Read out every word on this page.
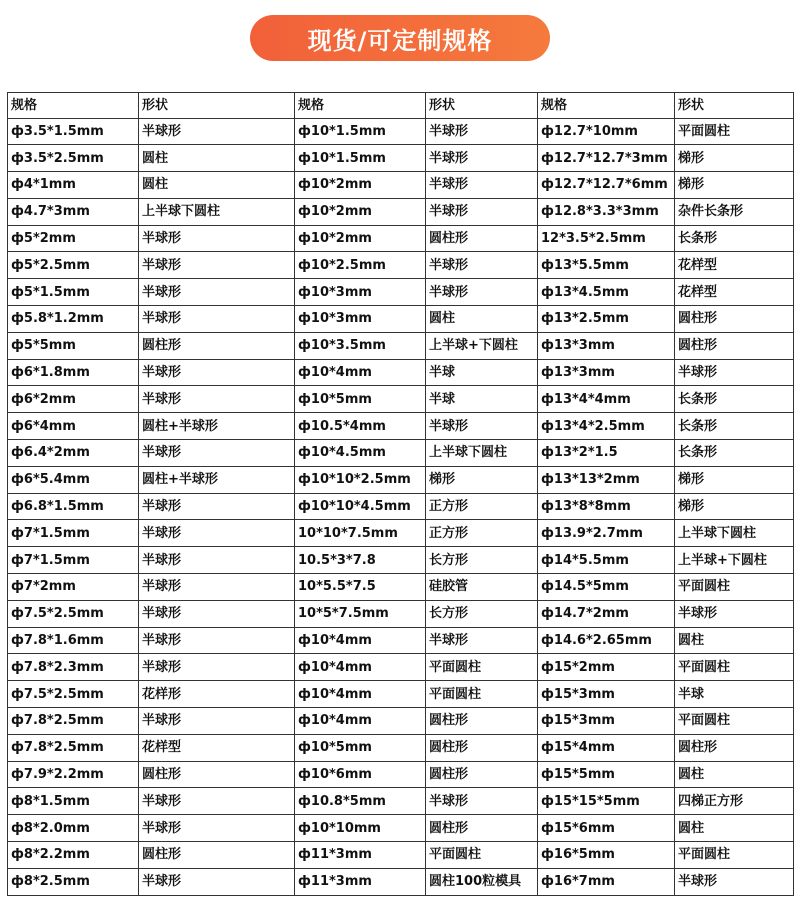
现货/可定制规格
规格	形状	规格	形状	规格	形状
ф3.5*1.5mm	半球形	ф10*1.5mm	半球形	ф12.7*10mm	平面圆柱
ф3.5*2.5mm	圆柱	ф10*1.5mm	半球形	ф12.7*12.7*3mm	梯形
ф4*1mm	圆柱	ф10*2mm	半球形	ф12.7*12.7*6mm	梯形
ф4.7*3mm	上半球下圆柱	ф10*2mm	半球形	ф12.8*3.3*3mm	杂件长条形
ф5*2mm	半球形	ф10*2mm	圆柱形	12*3.5*2.5mm	长条形
ф5*2.5mm	半球形	ф10*2.5mm	半球形	ф13*5.5mm	花样型
ф5*1.5mm	半球形	ф10*3mm	半球形	ф13*4.5mm	花样型
ф5.8*1.2mm	半球形	ф10*3mm	圆柱	ф13*2.5mm	圆柱形
ф5*5mm	圆柱形	ф10*3.5mm	上半球+下圆柱	ф13*3mm	圆柱形
ф6*1.8mm	半球形	ф10*4mm	半球	ф13*3mm	半球形
ф6*2mm	半球形	ф10*5mm	半球	ф13*4*4mm	长条形
ф6*4mm	圆柱+半球形	ф10.5*4mm	半球形	ф13*4*2.5mm	长条形
ф6.4*2mm	半球形	ф10*4.5mm	上半球下圆柱	ф13*2*1.5	长条形
ф6*5.4mm	圆柱+半球形	ф10*10*2.5mm	梯形	ф13*13*2mm	梯形
ф6.8*1.5mm	半球形	ф10*10*4.5mm	正方形	ф13*8*8mm	梯形
ф7*1.5mm	半球形	10*10*7.5mm	正方形	ф13.9*2.7mm	上半球下圆柱
ф7*1.5mm	半球形	10.5*3*7.8	长方形	ф14*5.5mm	上半球+下圆柱
ф7*2mm	半球形	10*5.5*7.5	硅胶管	ф14.5*5mm	平面圆柱
ф7.5*2.5mm	半球形	10*5*7.5mm	长方形	ф14.7*2mm	半球形
ф7.8*1.6mm	半球形	ф10*4mm	半球形	ф14.6*2.65mm	圆柱
ф7.8*2.3mm	半球形	ф10*4mm	平面圆柱	ф15*2mm	平面圆柱
ф7.5*2.5mm	花样形	ф10*4mm	平面圆柱	ф15*3mm	半球
ф7.8*2.5mm	半球形	ф10*4mm	圆柱形	ф15*3mm	平面圆柱
ф7.8*2.5mm	花样型	ф10*5mm	圆柱形	ф15*4mm	圆柱形
ф7.9*2.2mm	圆柱形	ф10*6mm	圆柱形	ф15*5mm	圆柱
ф8*1.5mm	半球形	ф10.8*5mm	半球形	ф15*15*5mm	四梯正方形
ф8*2.0mm	半球形	ф10*10mm	圆柱形	ф15*6mm	圆柱
ф8*2.2mm	圆柱形	ф11*3mm	平面圆柱	ф16*5mm	平面圆柱
ф8*2.5mm	半球形	ф11*3mm	圆柱100粒模具	ф16*7mm	半球形
